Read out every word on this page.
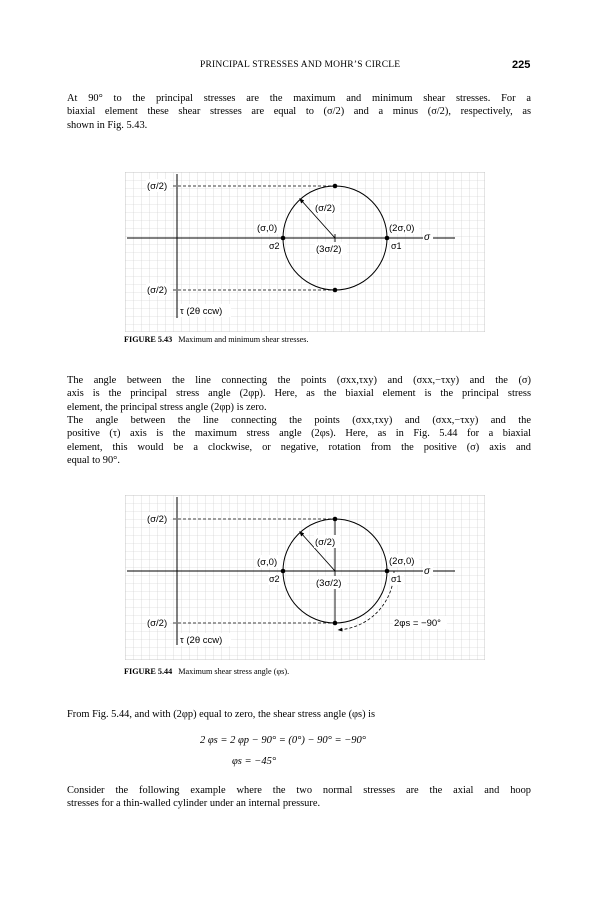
PRINCIPAL STRESSES AND MOHR’S CIRCLE	225
At 90° to the principal stresses are the maximum and minimum shear stresses. For a
biaxial element these shear stresses are equal to (σ/2) and a minus (σ/2), respectively, as
shown in Fig. 5.43.
(σ/2)
(σ/2)
(σ/2)
(σ,0)	(2σ,0)
σ2	σ1
(3σ/2)
σ
τ (2θ ccw)
FIGURE 5.43 Maximum and minimum shear stresses.
The angle between the line connecting the points (σxx,τxy) and (σxx,−τxy) and the (σ)
axis is the principal stress angle (2φp). Here, as the biaxial element is the principal stress
element, the principal stress angle (2φp) is zero.
The angle between the line connecting the points (σxx,τxy) and (σxx,−τxy) and the
positive (τ) axis is the maximum stress angle (2φs). Here, as in Fig. 5.44 for a biaxial
element, this would be a clockwise, or negative, rotation from the positive (σ) axis and
equal to 90°.
(σ/2)
(σ/2)
(σ/2)
(σ,0)	(2σ,0)
σ2	σ1
(3σ/2)
σ
τ (2θ ccw)
2φs = −90°
FIGURE 5.44 Maximum shear stress angle (φs).
From Fig. 5.44, and with (2φp) equal to zero, the shear stress angle (φs) is
2 φs = 2 φp − 90° = (0°) − 90° = −90°
φs = −45°
Consider the following example where the two normal stresses are the axial and hoop
stresses for a thin-walled cylinder under an internal pressure.
